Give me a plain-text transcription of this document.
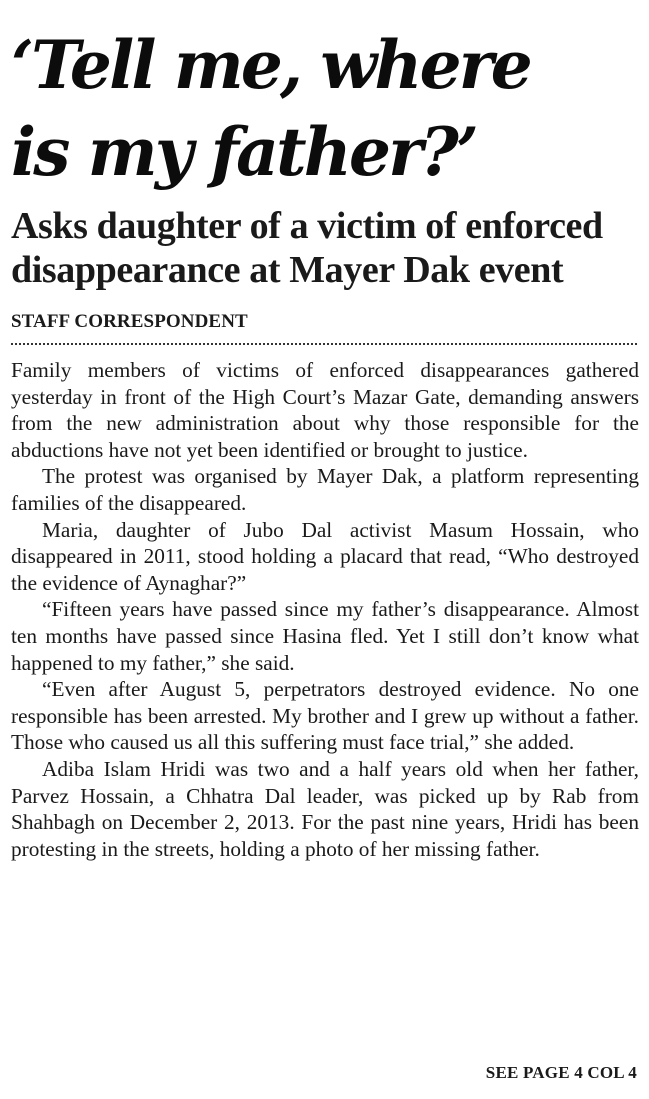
‘Tell me, where
is my father?’
Asks daughter of a victim of enforced
disappearance at Mayer Dak event
STAFF CORRESPONDENT

Family members of victims of enforced disappearances gathered yesterday in front of the High Court’s Mazar Gate, demanding answers from the new administration about why those responsible for the abductions have not yet been identified or brought to justice.

The protest was organised by Mayer Dak, a platform representing families of the disappeared.

Maria, daughter of Jubo Dal activist Masum Hossain, who disappeared in 2011, stood holding a placard that read, “Who destroyed the evidence of Aynaghar?”

“Fifteen years have passed since my father’s disappearance. Almost ten months have passed since Hasina fled. Yet I still don’t know what happened to my father,” she said.

“Even after August 5, perpetrators destroyed evidence. No one responsible has been arrested. My brother and I grew up without a father. Those who caused us all this suffering must face trial,” she added.

Adiba Islam Hridi was two and a half years old when her father, Parvez Hossain, a Chhatra Dal leader, was picked up by Rab from Shahbagh on December 2, 2013. For the past nine years, Hridi has been protesting in the streets, holding a photo of her missing father.

SEE PAGE 4 COL 4
